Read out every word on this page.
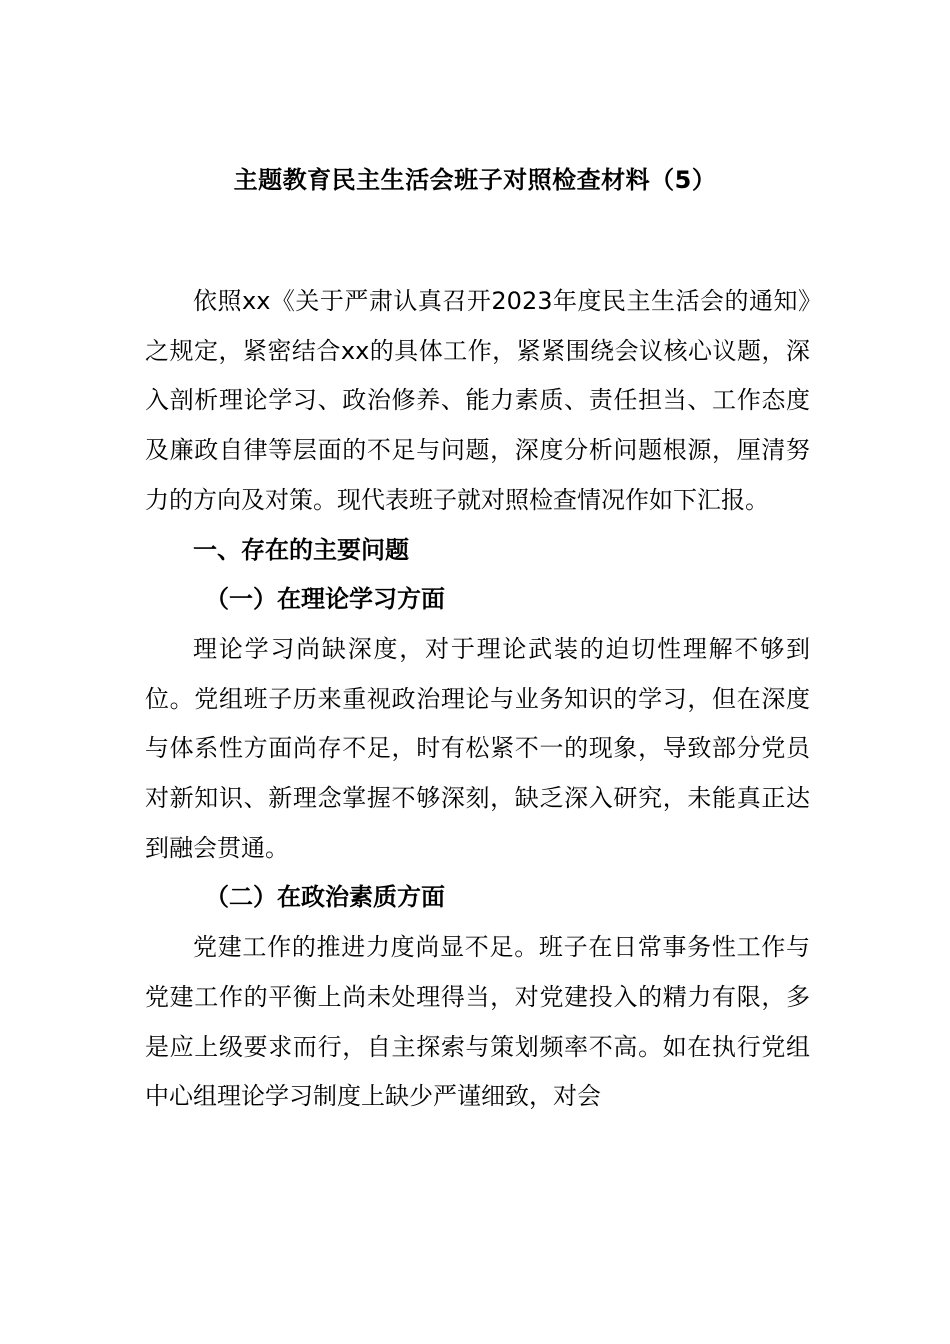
主题教育民主生活会班子对照检查材料（5）

依照xx《关于严肃认真召开2023年度民主生活会的通知》之规定，紧密结合xx的具体工作，紧紧围绕会议核心议题，深入剖析理论学习、政治修养、能力素质、责任担当、工作态度及廉政自律等层面的不足与问题，深度分析问题根源，厘清努力的方向及对策。现代表班子就对照检查情况作如下汇报。

一、存在的主要问题

（一）在理论学习方面

理论学习尚缺深度，对于理论武装的迫切性理解不够到位。党组班子历来重视政治理论与业务知识的学习，但在深度与体系性方面尚存不足，时有松紧不一的现象，导致部分党员对新知识、新理念掌握不够深刻，缺乏深入研究，未能真正达到融会贯通。

（二）在政治素质方面

党建工作的推进力度尚显不足。班子在日常事务性工作与党建工作的平衡上尚未处理得当，对党建投入的精力有限，多是应上级要求而行，自主探索与策划频率不高。如在执行党组中心组理论学习制度上缺少严谨细致，对会
